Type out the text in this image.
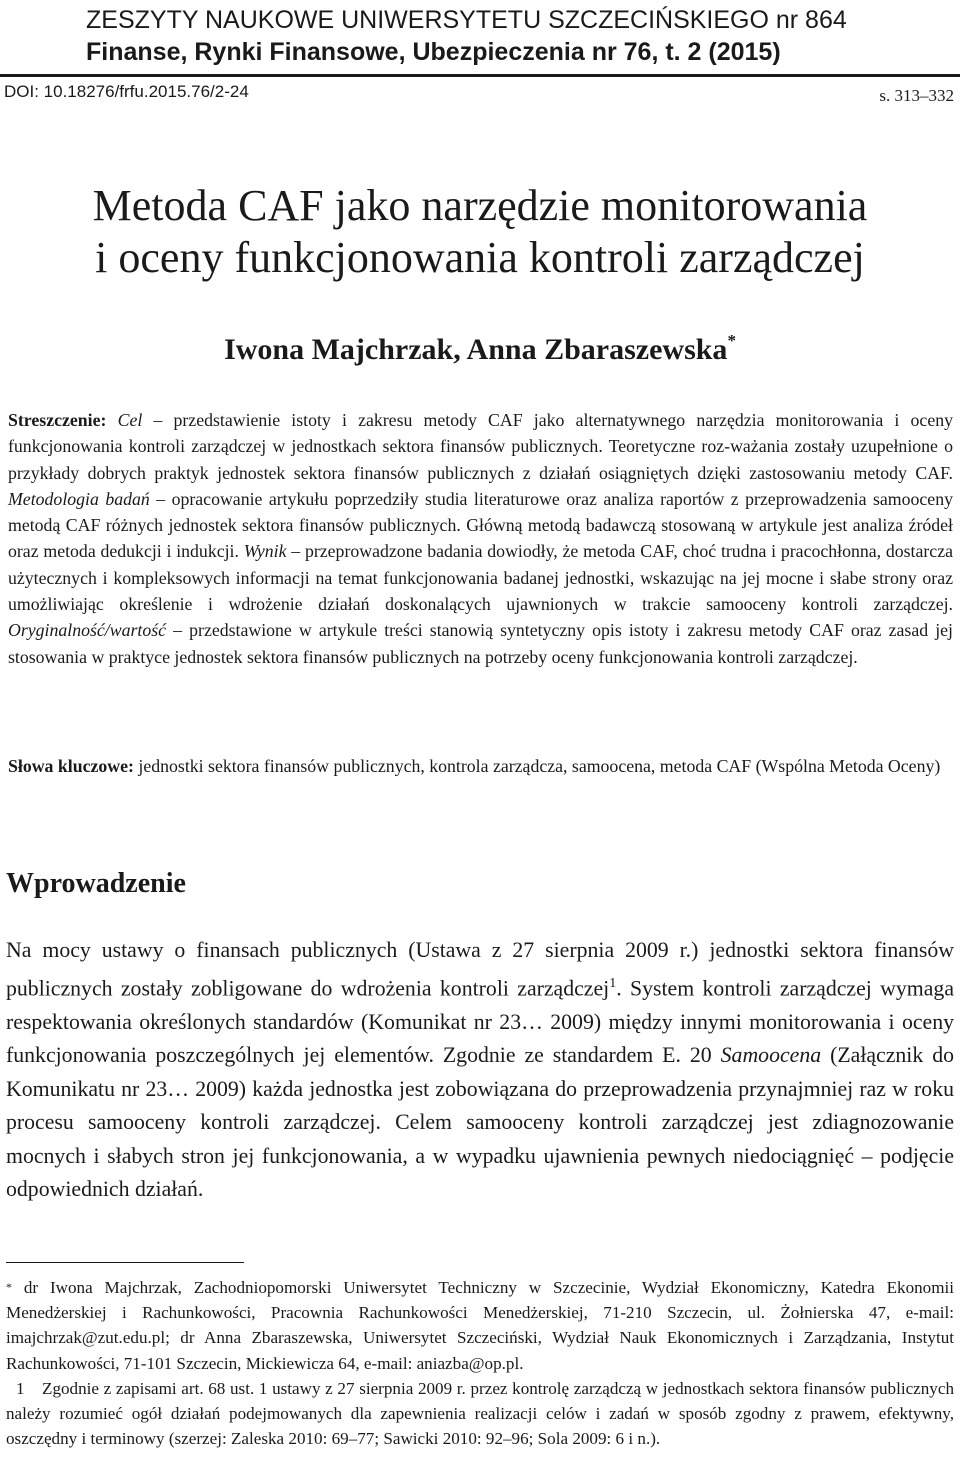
ZESZYTY NAUKOWE UNIWERSYTETU SZCZECIŃSKIEGO nr 864
Finanse, Rynki Finansowe, Ubezpieczenia nr 76, t. 2 (2015)
DOI: 10.18276/frfu.2015.76/2-24	s. 313–332
Metoda CAF jako narzędzie monitorowania
i oceny funkcjonowania kontroli zarządczej
Iwona Majchrzak, Anna Zbaraszewska*
Streszczenie: Cel – przedstawienie istoty i zakresu metody CAF jako alternatywnego narzędzia monitorowania i oceny funkcjonowania kontroli zarządczej w jednostkach sektora finansów publicznych. Teoretyczne roz-ważania zostały uzupełnione o przykłady dobrych praktyk jednostek sektora finansów publicznych z działań osiągniętych dzięki zastosowaniu metody CAF. Metodologia badań – opracowanie artykułu poprzedziły studia literaturowe oraz analiza raportów z przeprowadzenia samooceny metodą CAF różnych jednostek sektora finansów publicznych. Główną metodą badawczą stosowaną w artykule jest analiza źródeł oraz metoda dedukcji i indukcji. Wynik – przeprowadzone badania dowiodły, że metoda CAF, choć trudna i pracochłonna, dostarcza użytecznych i kompleksowych informacji na temat funkcjonowania badanej jednostki, wskazując na jej mocne i słabe strony oraz umożliwiając określenie i wdrożenie działań doskonalących ujawnionych w trakcie samooceny kontroli zarządczej. Oryginalność/wartość – przedstawione w artykule treści stanowią syntetyczny opis istoty i zakresu metody CAF oraz zasad jej stosowania w praktyce jednostek sektora finansów publicznych na potrzeby oceny funkcjonowania kontroli zarządczej.
Słowa kluczowe: jednostki sektora finansów publicznych, kontrola zarządcza, samoocena, metoda CAF (Wspólna Metoda Oceny)
Wprowadzenie
Na mocy ustawy o finansach publicznych (Ustawa z 27 sierpnia 2009 r.) jednostki sektora finansów publicznych zostały zobligowane do wdrożenia kontroli zarządczej$^1$. System kontroli zarządczej wymaga respektowania określonych standardów (Komunikat nr 23… 2009) między innymi monitorowania i oceny funkcjonowania poszczególnych jej elementów. Zgodnie ze standardem E. 20 Samoocena (Załącznik do Komunikatu nr 23… 2009) każda jednostka jest zobowiązana do przeprowadzenia przynajmniej raz w roku procesu samooceny kontroli zarządczej. Celem samooceny kontroli zarządczej jest zdiagnozowanie mocnych i słabych stron jej funkcjonowania, a w wypadku ujawnienia pewnych niedociągnięć – podjęcie odpowiednich działań.

* dr Iwona Majchrzak, Zachodniopomorski Uniwersytet Techniczny w Szczecinie, Wydział Ekonomiczny, Katedra Ekonomii Menedżerskiej i Rachunkowości, Pracownia Rachunkowości Menedżerskiej, 71-210 Szczecin, ul. Żołnierska 47, e-mail: imajchrzak@zut.edu.pl; dr Anna Zbaraszewska, Uniwersytet Szczeciński, Wydział Nauk Ekonomicznych i Zarządzania, Instytut Rachunkowości, 71-101 Szczecin, Mickiewicza 64, e-mail: aniazba@op.pl.

1 Zgodnie z zapisami art. 68 ust. 1 ustawy z 27 sierpnia 2009 r. przez kontrolę zarządczą w jednostkach sektora finansów publicznych należy rozumieć ogół działań podejmowanych dla zapewnienia realizacji celów i zadań w sposób zgodny z prawem, efektywny, oszczędny i terminowy (szerzej: Zaleska 2010: 69–77; Sawicki 2010: 92–96; Sola 2009: 6 i n.).
